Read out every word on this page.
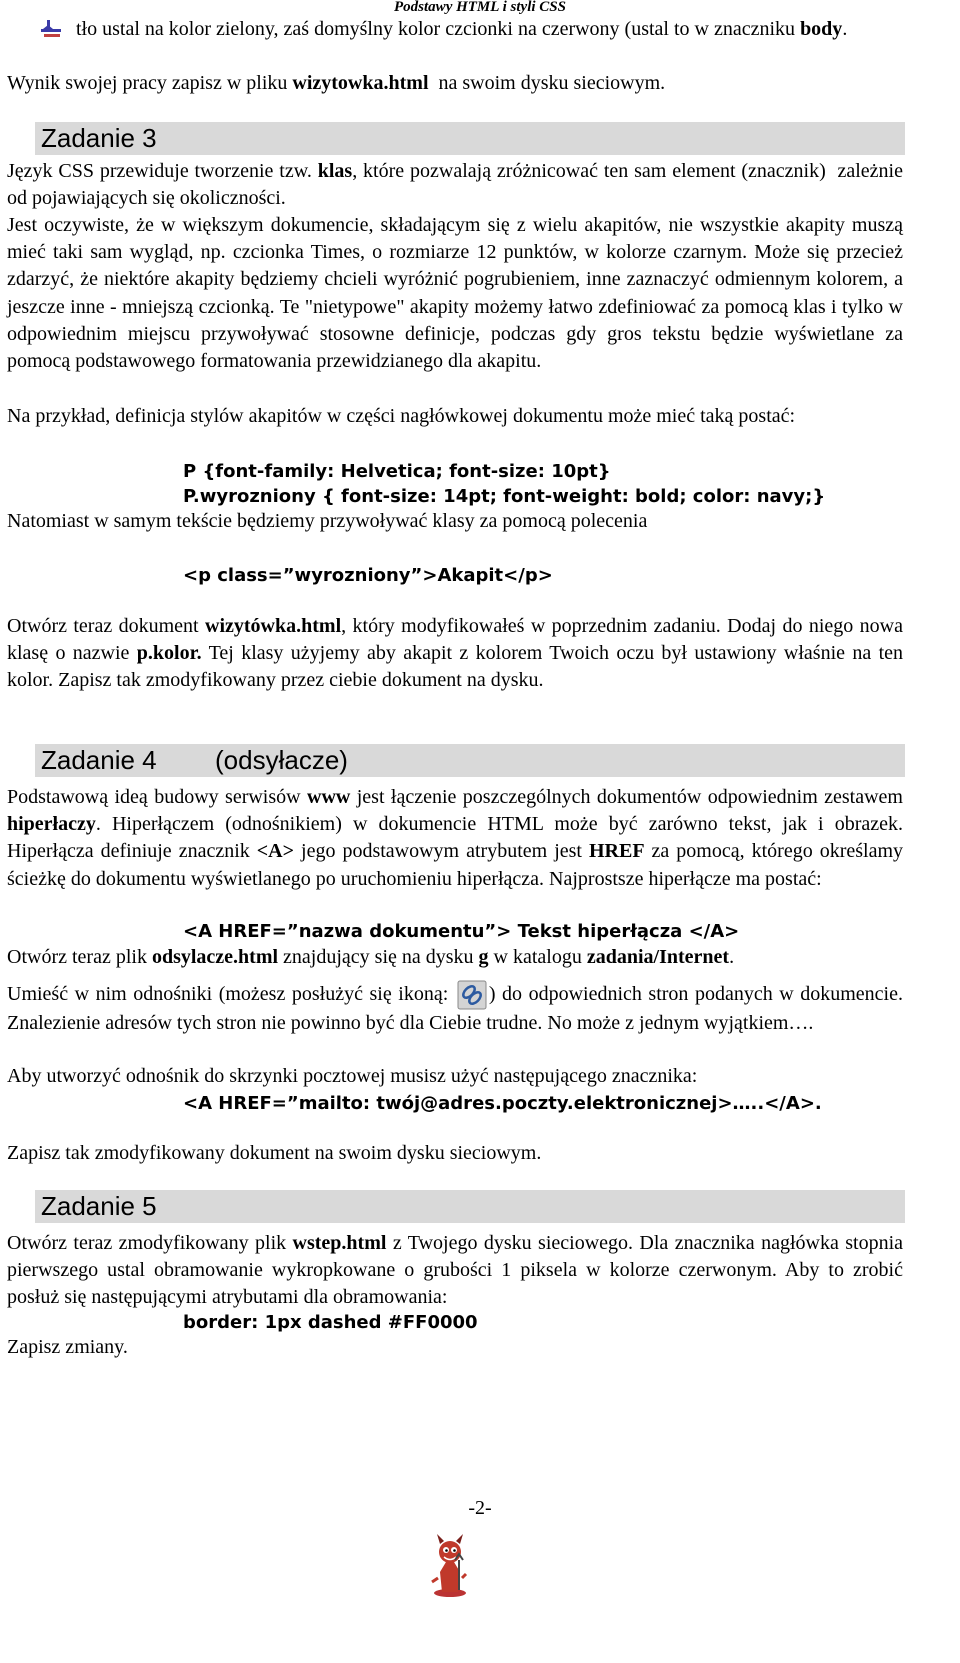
Podstawy HTML i styli CSS

tło ustal na kolor zielony, zaś domyślny kolor czcionki na czerwony (ustal to w znaczniku body.

Wynik swojej pracy zapisz w pliku wizytowka.html  na swoim dysku sieciowym.

Zadanie 3

Język CSS przewiduje tworzenie tzw. klas, które pozwalają zróżnicować ten sam element (znacznik)  zależnie od pojawiających się okoliczności.

Jest oczywiste, że w większym dokumencie, składającym się z wielu akapitów, nie wszystkie akapity muszą mieć taki sam wygląd, np. czcionka Times, o rozmiarze 12 punktów, w kolorze czarnym. Może się przecież zdarzyć, że niektóre akapity będziemy chcieli wyróżnić pogrubieniem, inne zaznaczyć odmiennym kolorem, a jeszcze inne - mniejszą czcionką. Te "nietypowe" akapity możemy łatwo zdefiniować za pomocą klas i tylko w odpowiednim miejscu przywoływać stosowne definicje, podczas gdy gros tekstu będzie wyświetlane za pomocą podstawowego formatowania przewidzianego dla akapitu.

Na przykład, definicja stylów akapitów w części nagłówkowej dokumentu może mieć taką postać:

P {font-family: Helvetica; font-size: 10pt}
P.wyrozniony { font-size: 14pt; font-weight: bold; color: navy;}

Natomiast w samym tekście będziemy przywoływać klasy za pomocą polecenia

<p class=”wyrozniony”>Akapit</p>

Otwórz teraz dokument wizytówka.html, który modyfikowałeś w poprzednim zadaniu. Dodaj do niego nowa klasę o nazwie p.kolor. Tej klasy użyjemy aby akapit z kolorem Twoich oczu był ustawiony właśnie na ten kolor. Zapisz tak zmodyfikowany przez ciebie dokument na dysku.

Zadanie 4 (odsyłacze)

Podstawową ideą budowy serwisów www jest łączenie poszczególnych dokumentów odpowiednim zestawem hiperłaczy. Hiperłączem (odnośnikiem) w dokumencie HTML może być zarówno tekst, jak i obrazek. Hiperłącza definiuje znacznik <A> jego podstawowym atrybutem jest HREF za pomocą, którego określamy ścieżkę do dokumentu wyświetlanego po uruchomieniu hiperłącza. Najprostsze hiperłącze ma postać:

<A HREF=”nazwa dokumentu”> Tekst hiperłącza </A>

Otwórz teraz plik odsylacze.html znajdujący się na dysku g w katalogu zadania/Internet.

Umieść w nim odnośniki (możesz posłużyć się ikoną: ) do odpowiednich stron podanych w dokumencie. Znalezienie adresów tych stron nie powinno być dla Ciebie trudne. No może z jednym wyjątkiem….

Aby utworzyć odnośnik do skrzynki pocztowej musisz użyć następującego znacznika:

<A HREF=”mailto: twój@adres.poczty.elektronicznej>…..</A>.

Zapisz tak zmodyfikowany dokument na swoim dysku sieciowym.

Zadanie 5

Otwórz teraz zmodyfikowany plik wstep.html z Twojego dysku sieciowego. Dla znacznika nagłówka stopnia pierwszego ustal obramowanie wykropkowane o grubości 1 piksela w kolorze czerwonym. Aby to zrobić posłuż się następującymi atrybutami dla obramowania:

border: 1px dashed #FF0000

Zapisz zmiany.

-2-
